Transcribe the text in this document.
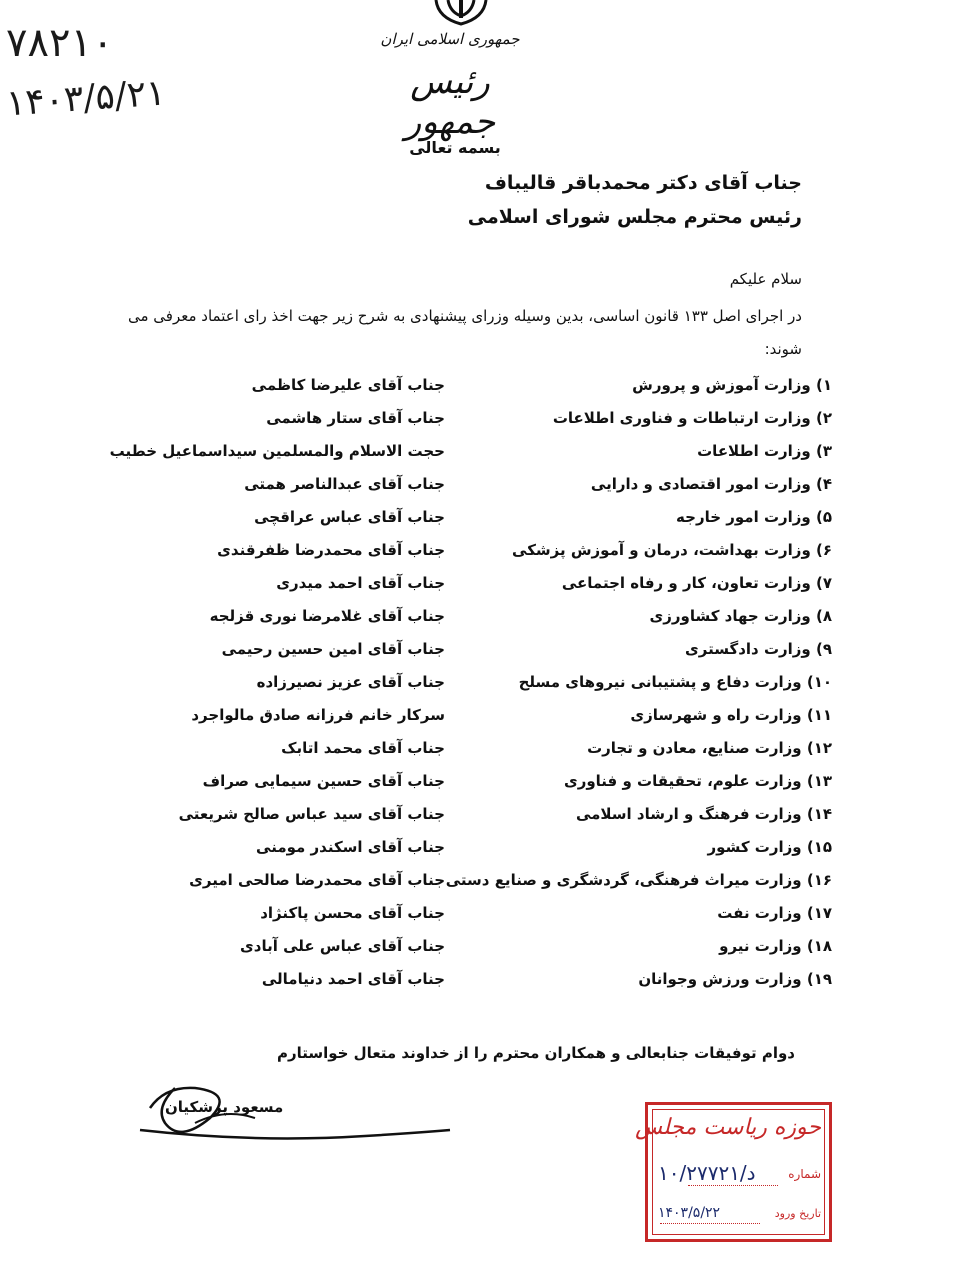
۷۸۲۱۰
۱۴۰۳/۵/۲۱
جمهوری اسلامی ایران
رئیس جمهور
بسمه تعالی
جناب آقای دکتر محمدباقر قالیباف
رئیس محترم مجلس شورای اسلامی
سلام علیکم
در اجرای اصل ۱۳۳ قانون اساسی، بدین وسیله وزرای پیشنهادی به شرح زیر جهت اخذ رای اعتماد معرفی می شوند:
۱) وزارت آموزش و پرورش
جناب آقای علیرضا کاظمی
۲) وزارت ارتباطات و فناوری اطلاعات
جناب آقای ستار هاشمی
۳) وزارت اطلاعات
حجت الاسلام والمسلمین سیداسماعیل خطیب
۴) وزارت امور اقتصادی و دارایی
جناب آقای عبدالناصر همتی
۵) وزارت امور خارجه
جناب آقای عباس عراقچی
۶) وزارت بهداشت، درمان و آموزش پزشکی
جناب آقای محمدرضا ظفرقندی
۷) وزارت تعاون، کار و رفاه اجتماعی
جناب آقای احمد میدری
۸) وزارت جهاد کشاورزی
جناب آقای غلامرضا نوری قزلجه
۹) وزارت دادگستری
جناب آقای امین حسین رحیمی
۱۰) وزارت دفاع و پشتیبانی نیروهای مسلح
جناب آقای عزیز نصیرزاده
۱۱) وزارت راه و شهرسازی
سرکار خانم فرزانه صادق مالواجرد
۱۲) وزارت صنایع، معادن و تجارت
جناب آقای محمد اتابک
۱۳) وزارت علوم، تحقیقات و فناوری
جناب آقای حسین سیمایی صراف
۱۴) وزارت فرهنگ و ارشاد اسلامی
جناب آقای سید عباس صالح شریعتی
۱۵) وزارت کشور
جناب آقای اسکندر مومنی
۱۶) وزارت میراث فرهنگی، گردشگری و صنایع دستی
جناب آقای محمدرضا صالحی امیری
۱۷) وزارت نفت
جناب آقای محسن پاکنژاد
۱۸) وزارت نیرو
جناب آقای عباس علی آبادی
۱۹) وزارت ورزش وجوانان
جناب آقای احمد دنیامالی
دوام توفیقات جنابعالی و همکاران محترم را از خداوند متعال خواستارم
مسعود پزشکیان
حوزه ریاست مجلس
شماره
۱۰/۲۷۷۲۱/د
تاریخ ورود
۱۴۰۳/۵/۲۲
